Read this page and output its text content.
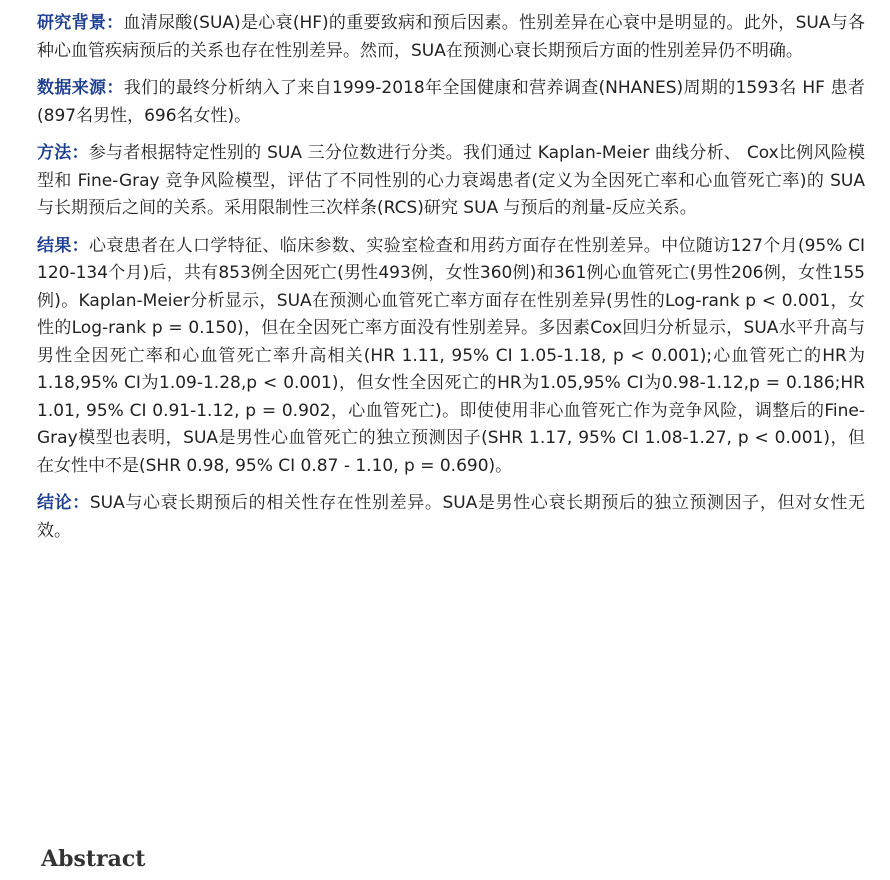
研究背景：血清尿酸(SUA)是心衰(HF)的重要致病和预后因素。性别差异在心衰中是明显的。此外，SUA与各种心血管疾病预后的关系也存在性别差异。然而，SUA在预测心衰长期预后方面的性别差异仍不明确。

数据来源：我们的最终分析纳入了来自1999-2018年全国健康和营养调查(NHANES)周期的1593名 HF 患者(897名男性，696名女性)。

方法：参与者根据特定性别的 SUA 三分位数进行分类。我们通过 Kaplan-Meier 曲线分析、 Cox比例风险模型和 Fine-Gray 竞争风险模型，评估了不同性别的心力衰竭患者(定义为全因死亡率和心血管死亡率)的 SUA 与长期预后之间的关系。采用限制性三次样条(RCS)研究 SUA 与预后的剂量-反应关系。

结果：心衰患者在人口学特征、临床参数、实验室检查和用药方面存在性别差异。中位随访127个月(95% CI 120-134个月)后，共有853例全因死亡(男性493例，女性360例)和361例心血管死亡(男性206例，女性155例)。Kaplan-Meier分析显示，SUA在预测心血管死亡率方面存在性别差异(男性的Log-rank p < 0.001，女性的Log-rank p = 0.150)，但在全因死亡率方面没有性别差异。多因素Cox回归分析显示，SUA水平升高与男性全因死亡率和心血管死亡率升高相关(HR 1.11, 95% CI 1.05-1.18, p < 0.001);心血管死亡的HR为1.18,95% CI为1.09-1.28,p < 0.001)，但女性全因死亡的HR为1.05,95% CI为0.98-1.12,p = 0.186;HR 1.01, 95% CI 0.91-1.12, p = 0.902，心血管死亡)。即使使用非心血管死亡作为竞争风险，调整后的Fine-Gray模型也表明，SUA是男性心血管死亡的独立预测因子(SHR 1.17, 95% CI 1.08-1.27, p < 0.001)，但在女性中不是(SHR 0.98, 95% CI 0.87 - 1.10, p = 0.690)。

结论：SUA与心衰长期预后的相关性存在性别差异。SUA是男性心衰长期预后的独立预测因子，但对女性无效。

Abstract
